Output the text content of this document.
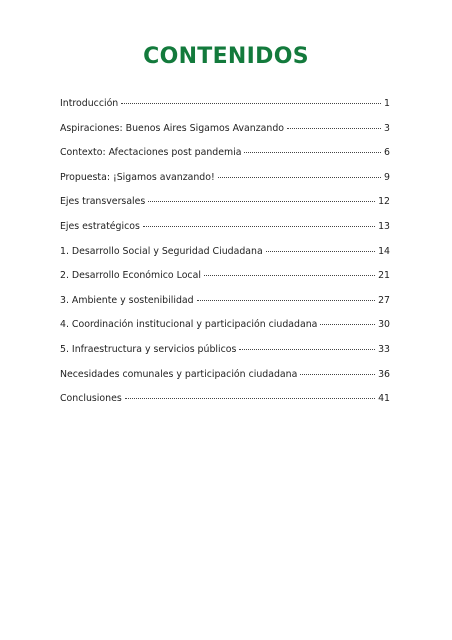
CONTENIDOS
Introducción	1
Aspiraciones: Buenos Aires Sigamos Avanzando	3
Contexto: Afectaciones post pandemia	6
Propuesta: ¡Sigamos avanzando!	9
Ejes transversales	12
Ejes estratégicos	13
1. Desarrollo Social y Seguridad Ciudadana	14
2. Desarrollo Económico Local	21
3. Ambiente y sostenibilidad	27
4. Coordinación institucional y participación ciudadana	30
5. Infraestructura y servicios públicos	33
Necesidades comunales y participación ciudadana	36
Conclusiones	41
